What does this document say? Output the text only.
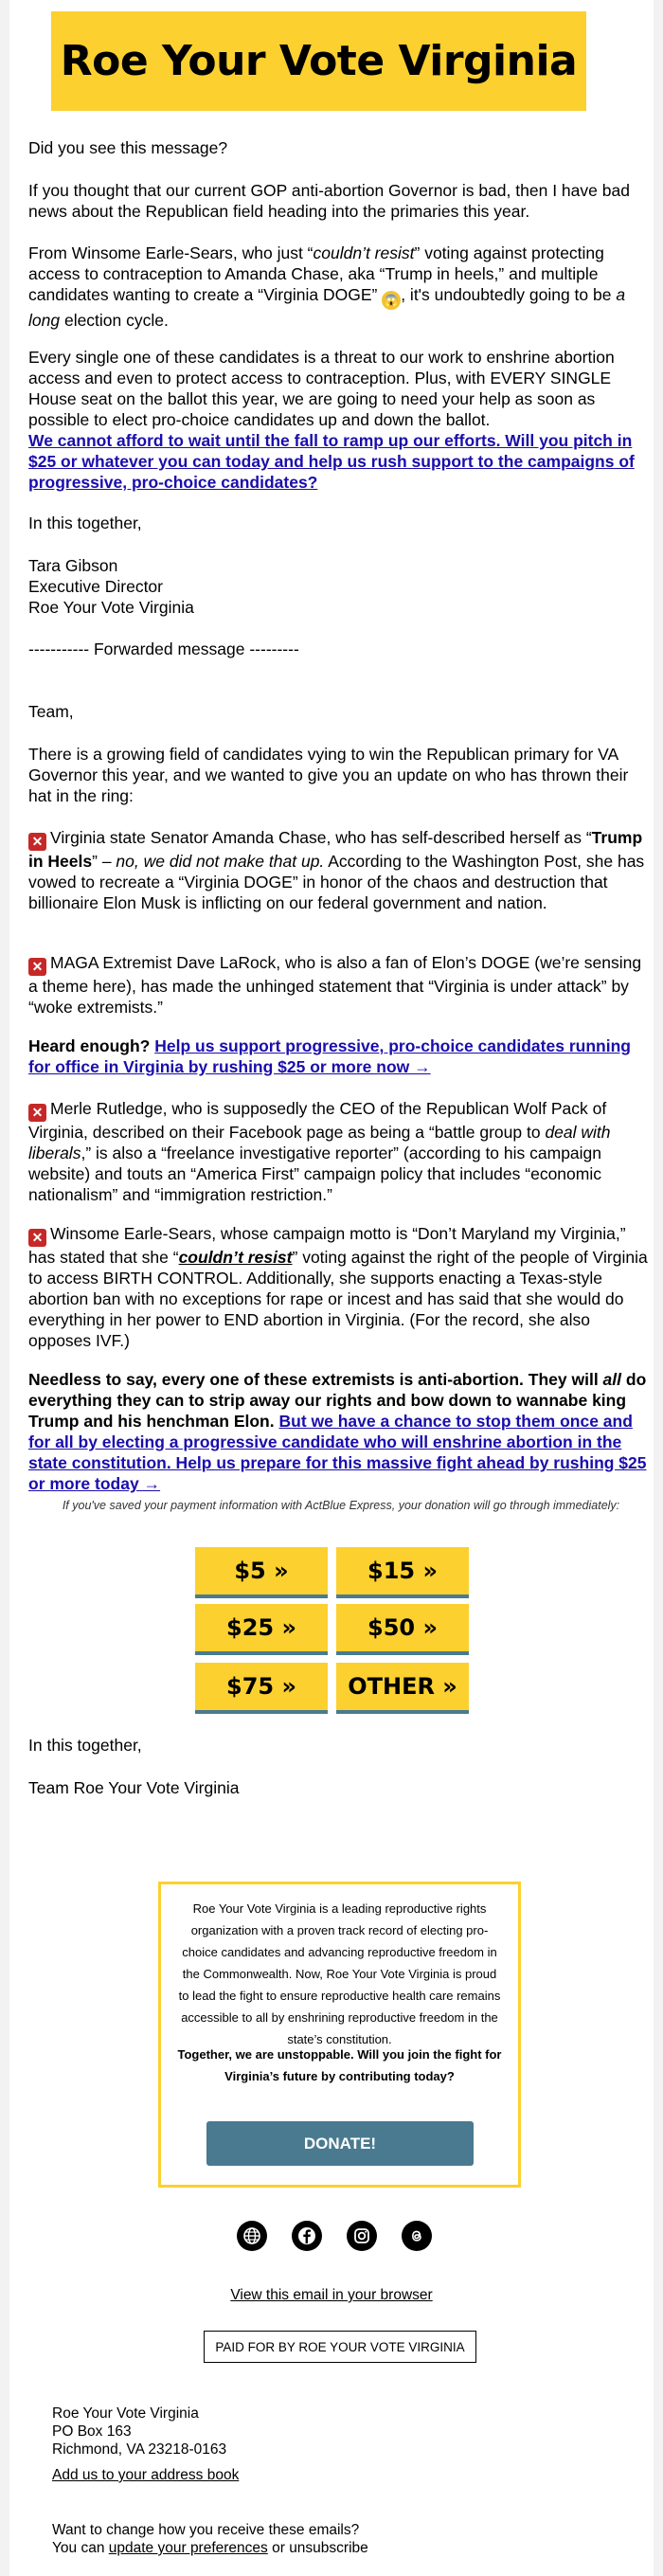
Roe Your Vote Virginia

Did you see this message?

If you thought that our current GOP anti-abortion Governor is bad, then I have bad news about the Republican field heading into the primaries this year.

From Winsome Earle-Sears, who just “couldn’t resist” voting against protecting access to contraception to Amanda Chase, aka “Trump in heels,” and multiple candidates wanting to create a “Virginia DOGE” 😱 , it's undoubtedly going to be a long election cycle.

Every single one of these candidates is a threat to our work to enshrine abortion access and even to protect access to contraception. Plus, with EVERY SINGLE House seat on the ballot this year, we are going to need your help as soon as possible to elect pro-choice candidates up and down the ballot.

We cannot afford to wait until the fall to ramp up our efforts. Will you pitch in $25 or whatever you can today and help us rush support to the campaigns of progressive, pro-choice candidates?

In this together,

Tara Gibson

Executive Director

Roe Your Vote Virginia

----------- Forwarded message ---------

Team,

There is a growing field of candidates vying to win the Republican primary for VA Governor this year, and we wanted to give you an update on who has thrown their hat in the ring:

✕ Virginia state Senator Amanda Chase, who has self-described herself as “Trump in Heels” – no, we did not make that up. According to the Washington Post, she has vowed to recreate a “Virginia DOGE” in honor of the chaos and destruction that billionaire Elon Musk is inflicting on our federal government and nation.

✕ MAGA Extremist Dave LaRock, who is also a fan of Elon’s DOGE (we’re sensing a theme here), has made the unhinged statement that “Virginia is under attack” by “woke extremists.”

Heard enough? Help us support progressive, pro-choice candidates running for office in Virginia by rushing $25 or more now →

✕ Merle Rutledge, who is supposedly the CEO of the Republican Wolf Pack of Virginia, described on their Facebook page as being a “battle group to deal with liberals,” is also a “freelance investigative reporter” (according to his campaign website) and touts an “America First” campaign policy that includes “economic nationalism” and “immigration restriction.”

✕ Winsome Earle-Sears, whose campaign motto is “Don’t Maryland my Virginia,” has stated that she “couldn’t resist” voting against the right of the people of Virginia to access BIRTH CONTROL. Additionally, she supports enacting a Texas-style abortion ban with no exceptions for rape or incest and has said that she would do everything in her power to END abortion in Virginia. (For the record, she also opposes IVF.)

Needless to say, every one of these extremists is anti-abortion. They will all do everything they can to strip away our rights and bow down to wannabe king Trump and his henchman Elon. But we have a chance to stop them once and for all by electing a progressive candidate who will enshrine abortion in the state constitution. Help us prepare for this massive fight ahead by rushing $25 or more today →

If you've saved your payment information with ActBlue Express, your donation will go through immediately:
$5 »	$15 »
$25 »	$50 »
$75 »	OTHER »
In this together,
Team Roe Your Vote Virginia
Roe Your Vote Virginia is a leading reproductive rights organization with a proven track record of electing pro-choice candidates and advancing reproductive freedom in the Commonwealth. Now, Roe Your Vote Virginia is proud to lead the fight to ensure reproductive health care remains accessible to all by enshrining reproductive freedom in the state’s constitution.
Together, we are unstoppable. Will you join the fight for Virginia’s future by contributing today?
DONATE!
View this email in your browser
PAID FOR BY ROE YOUR VOTE VIRGINIA
Roe Your Vote Virginia
PO Box 163
Richmond, VA 23218-0163
Add us to your address book
Want to change how you receive these emails?
You can update your preferences or unsubscribe
